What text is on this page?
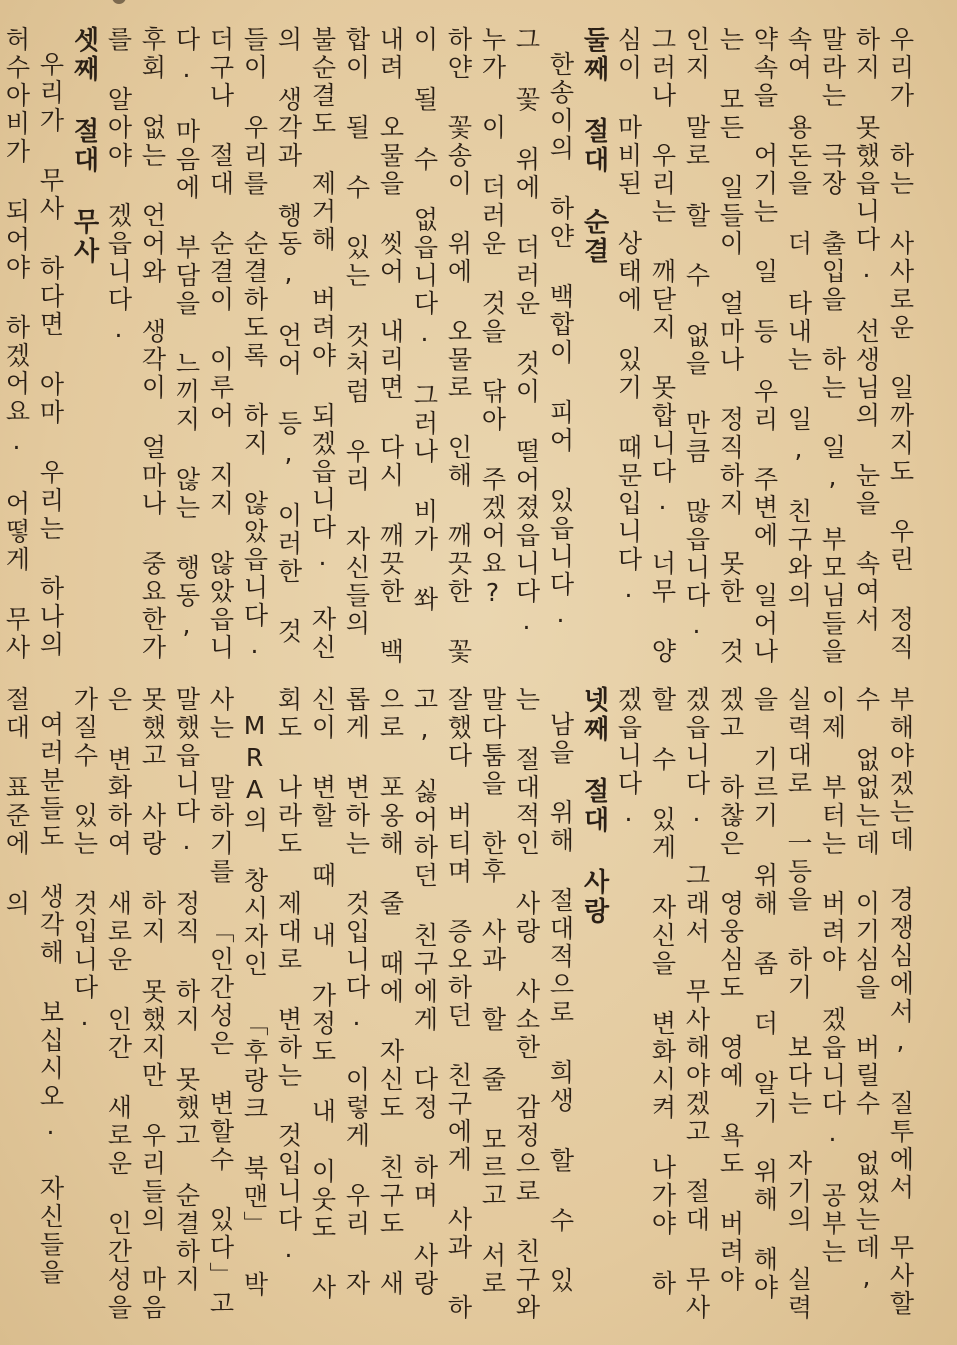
우리가 하는 사사로운 일까지도 우린 정직하지 못했읍니다. 선생님의 눈을 속여서 말라는 극장 출입을 하는 일, 부모님들을 속여 용돈을 더 타내는 일, 친구와의 약속을 어기는 일 등 우리 주변에 일어나는 모든 일들이 얼마나 정직하지 못한 것인지 말로 할 수 없을 만큼 많읍니다. 그러나 우리는 깨닫지 못합니다. 너무 양심이 마비된 상태에 있기 때문입니다.

둘째 절대 순결

한송이의 하얀 백합이 피어 있읍니다. 그 꽃 위에 더러운 것이 떨어졌읍니다. 누가 이 더러운 것을 닦아 주겠어요? 하얀 꽃송이 위에 오물로 인해 깨끗한 꽃이 될 수 없읍니다. 그러나 비가 쏴 내려 오물을 씻어 내리면 다시 깨끗한 백합이 될 수 있는 것처럼 우리 자신들의 불순결도 제거해 버려야 되겠읍니다. 자신의 생각과 행동, 언어 등, 이러한 것들이 우리를 순결하도록 하지 않았읍니다. 더구나 절대 순결이 이루어 지지 않았읍니다. 마음에 부담을 느끼지 않는 행동, 후회 없는 언어와 생각이 얼마나 중요한가를 알아야 겠읍니다.

셋째 절대 무사

우리가 무사 하다면 아마 우리는 하나의 허수아비가 되어야 하겠어요. 어떻게 무사

부해야겠는데 경쟁심에서, 질투에서 무사할 수 없없는데 이기심을 버릴수 없었는데, 이제 부터는 버려야 겠읍니다. 공부는 실력대로 一등을 하기 보다는 자기의 실력을 기르기 위해 좀 더 알기 위해 해야겠고 하찮은 영웅심도 영예 욕도 버려야 겠읍니다. 그래서 무사해야겠고 절대 무사 할 수 있게 자신을 변화시켜 나가야 하겠읍니다.

넷째 절대 사랑

남을 위해 절대적으로 희생 할 수 있는 절대적인 사랑 사소한 감정으로 친구와 말다툼을 한후 사과 할 줄 모르고 서로 잘했다 버티며 증오하던 친구에게 사과 하고, 싫어하던 친구에게 다정 하며 사랑으로 포옹해 줄 때에 자신도 친구도 새롭게 변하는 것입니다. 이렇게 우리 자신이 변할 때 내 가정도 내 이웃도 사회도 나라도 제대로 변하는 것입니다.

MRA의 창시자인 「후랑크 북맨」 박사는 말하기를 「인간성은 변할수 있다」고 말했읍니다. 정직 하지 못했고 순결하지 못했고 사랑 하지 못했지만 우리들의 마음은 변화하여 새로운 인간 새로운 인간성을 가질수 있는 것입니다.

여러분들도 생각해 보십시오. 자신들을 절대 표준에 의
